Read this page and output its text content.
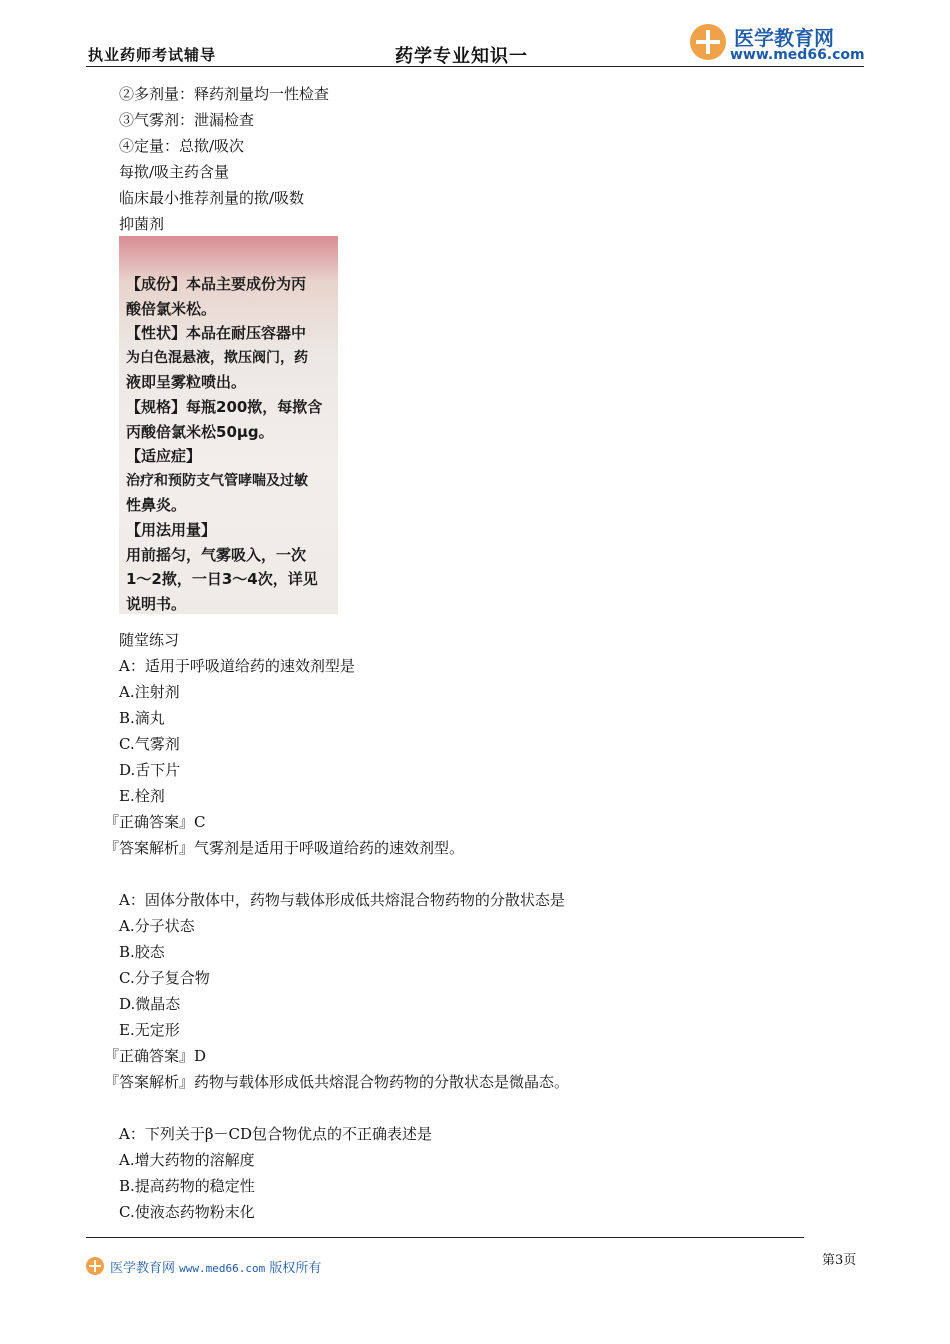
执业药师考试辅导	药学专业知识一
医学教育网
www.med66.com
②多剂量：释药剂量均一性检查
③气雾剂：泄漏检查
④定量：总揿/吸次
每揿/吸主药含量
临床最小推荐剂量的揿/吸数
抑菌剂
【成份】本品主要成份为丙
酸倍氯米松。
【性状】本品在耐压容器中
为白色混悬液，揿压阀门，药
液即呈雾粒喷出。
【规格】每瓶200揿，每揿含
丙酸倍氯米松50μg。
【适应症】
治疗和预防支气管哮喘及过敏
性鼻炎。
【用法用量】
用前摇匀，气雾吸入，一次
1～2揿，一日3～4次，详见
说明书。
随堂练习
A：适用于呼吸道给药的速效剂型是
A.注射剂
B.滴丸
C.气雾剂
D.舌下片
E.栓剂
『正确答案』C
『答案解析』气雾剂是适用于呼吸道给药的速效剂型。
A：固体分散体中，药物与载体形成低共熔混合物药物的分散状态是
A.分子状态
B.胶态
C.分子复合物
D.微晶态
E.无定形
『正确答案』D
『答案解析』药物与载体形成低共熔混合物药物的分散状态是微晶态。
A：下列关于β－CD包合物优点的不正确表述是
A.增大药物的溶解度
B.提高药物的稳定性
C.使液态药物粉末化
第3页
医学教育网 www.med66.com 版权所有
